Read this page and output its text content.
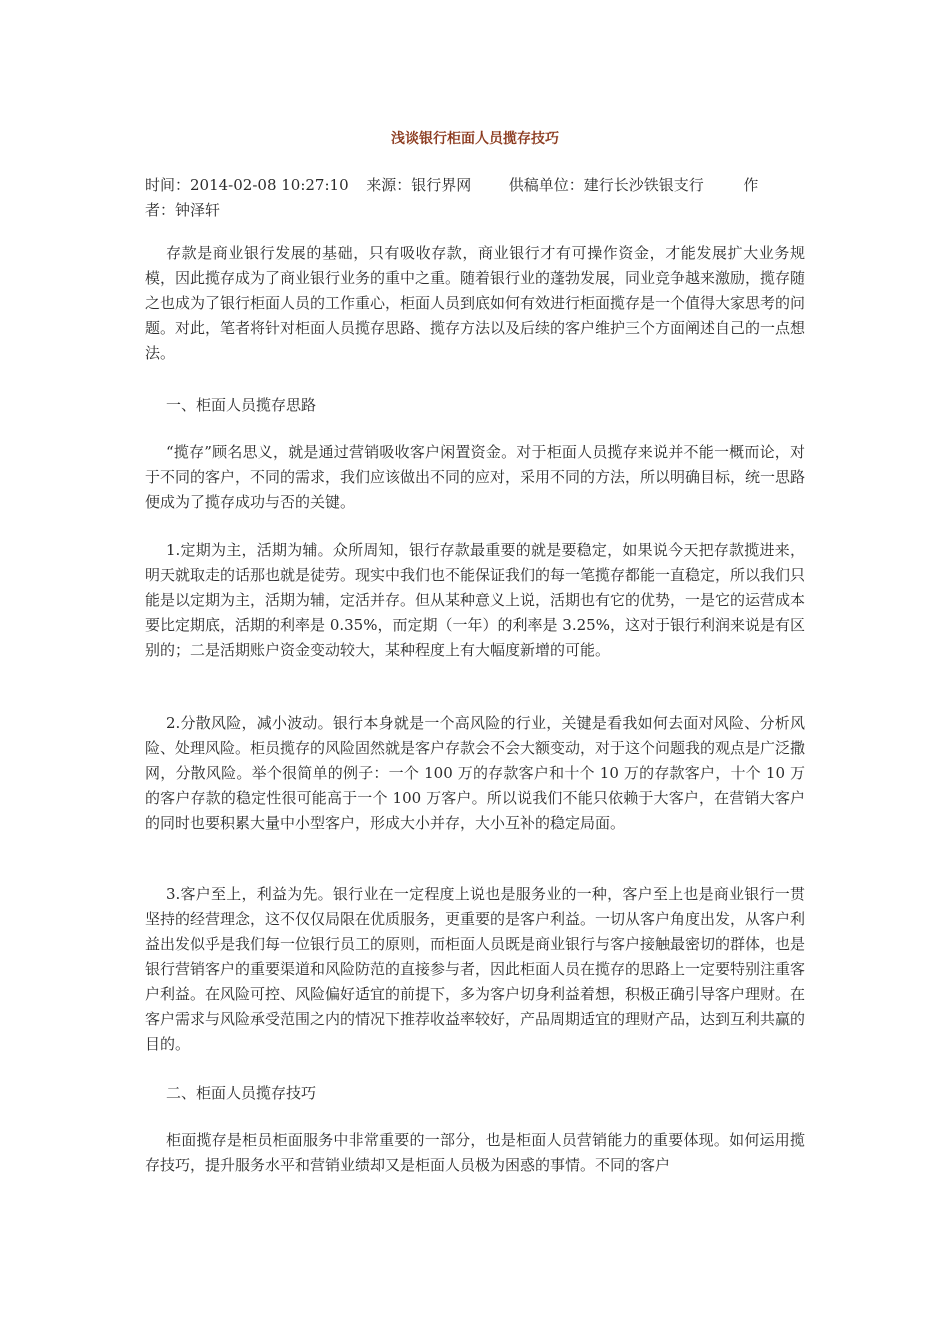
浅谈银行柜面人员揽存技巧
时间：2014-02-08 10:27:10 来源：银行界网	供稿单位：建行长沙铁银支行	作
者：钟泽轩

存款是商业银行发展的基础，只有吸收存款，商业银行才有可操作资金，才能发展扩大业务规模，因此揽存成为了商业银行业务的重中之重。随着银行业的蓬勃发展，同业竞争越来激励，揽存随之也成为了银行柜面人员的工作重心，柜面人员到底如何有效进行柜面揽存是一个值得大家思考的问题。对此，笔者将针对柜面人员揽存思路、揽存方法以及后续的客户维护三个方面阐述自己的一点想法。

一、柜面人员揽存思路

“揽存”顾名思义，就是通过营销吸收客户闲置资金。对于柜面人员揽存来说并不能一概而论，对于不同的客户，不同的需求，我们应该做出不同的应对，采用不同的方法，所以明确目标，统一思路便成为了揽存成功与否的关键。

1.定期为主，活期为辅。众所周知，银行存款最重要的就是要稳定，如果说今天把存款揽进来，明天就取走的话那也就是徒劳。现实中我们也不能保证我们的每一笔揽存都能一直稳定，所以我们只能是以定期为主，活期为辅，定活并存。但从某种意义上说，活期也有它的优势，一是它的运营成本要比定期底，活期的利率是 0.35%，而定期（一年）的利率是 3.25%，这对于银行利润来说是有区别的；二是活期账户资金变动较大，某种程度上有大幅度新增的可能。

2.分散风险，减小波动。银行本身就是一个高风险的行业，关键是看我如何去面对风险、分析风险、处理风险。柜员揽存的风险固然就是客户存款会不会大额变动，对于这个问题我的观点是广泛撒网，分散风险。举个很简单的例子：一个 100 万的存款客户和十个 10 万的存款客户，十个 10 万的客户存款的稳定性很可能高于一个 100 万客户。所以说我们不能只依赖于大客户，在营销大客户的同时也要积累大量中小型客户，形成大小并存，大小互补的稳定局面。

3.客户至上，利益为先。银行业在一定程度上说也是服务业的一种，客户至上也是商业银行一贯坚持的经营理念，这不仅仅局限在优质服务，更重要的是客户利益。一切从客户角度出发，从客户利益出发似乎是我们每一位银行员工的原则，而柜面人员既是商业银行与客户接触最密切的群体，也是银行营销客户的重要渠道和风险防范的直接参与者，因此柜面人员在揽存的思路上一定要特别注重客户利益。在风险可控、风险偏好适宜的前提下，多为客户切身利益着想，积极正确引导客户理财。在客户需求与风险承受范围之内的情况下推荐收益率较好，产品周期适宜的理财产品，达到互利共赢的目的。

二、柜面人员揽存技巧

柜面揽存是柜员柜面服务中非常重要的一部分，也是柜面人员营销能力的重要体现。如何运用揽存技巧，提升服务水平和营销业绩却又是柜面人员极为困惑的事情。不同的客户
